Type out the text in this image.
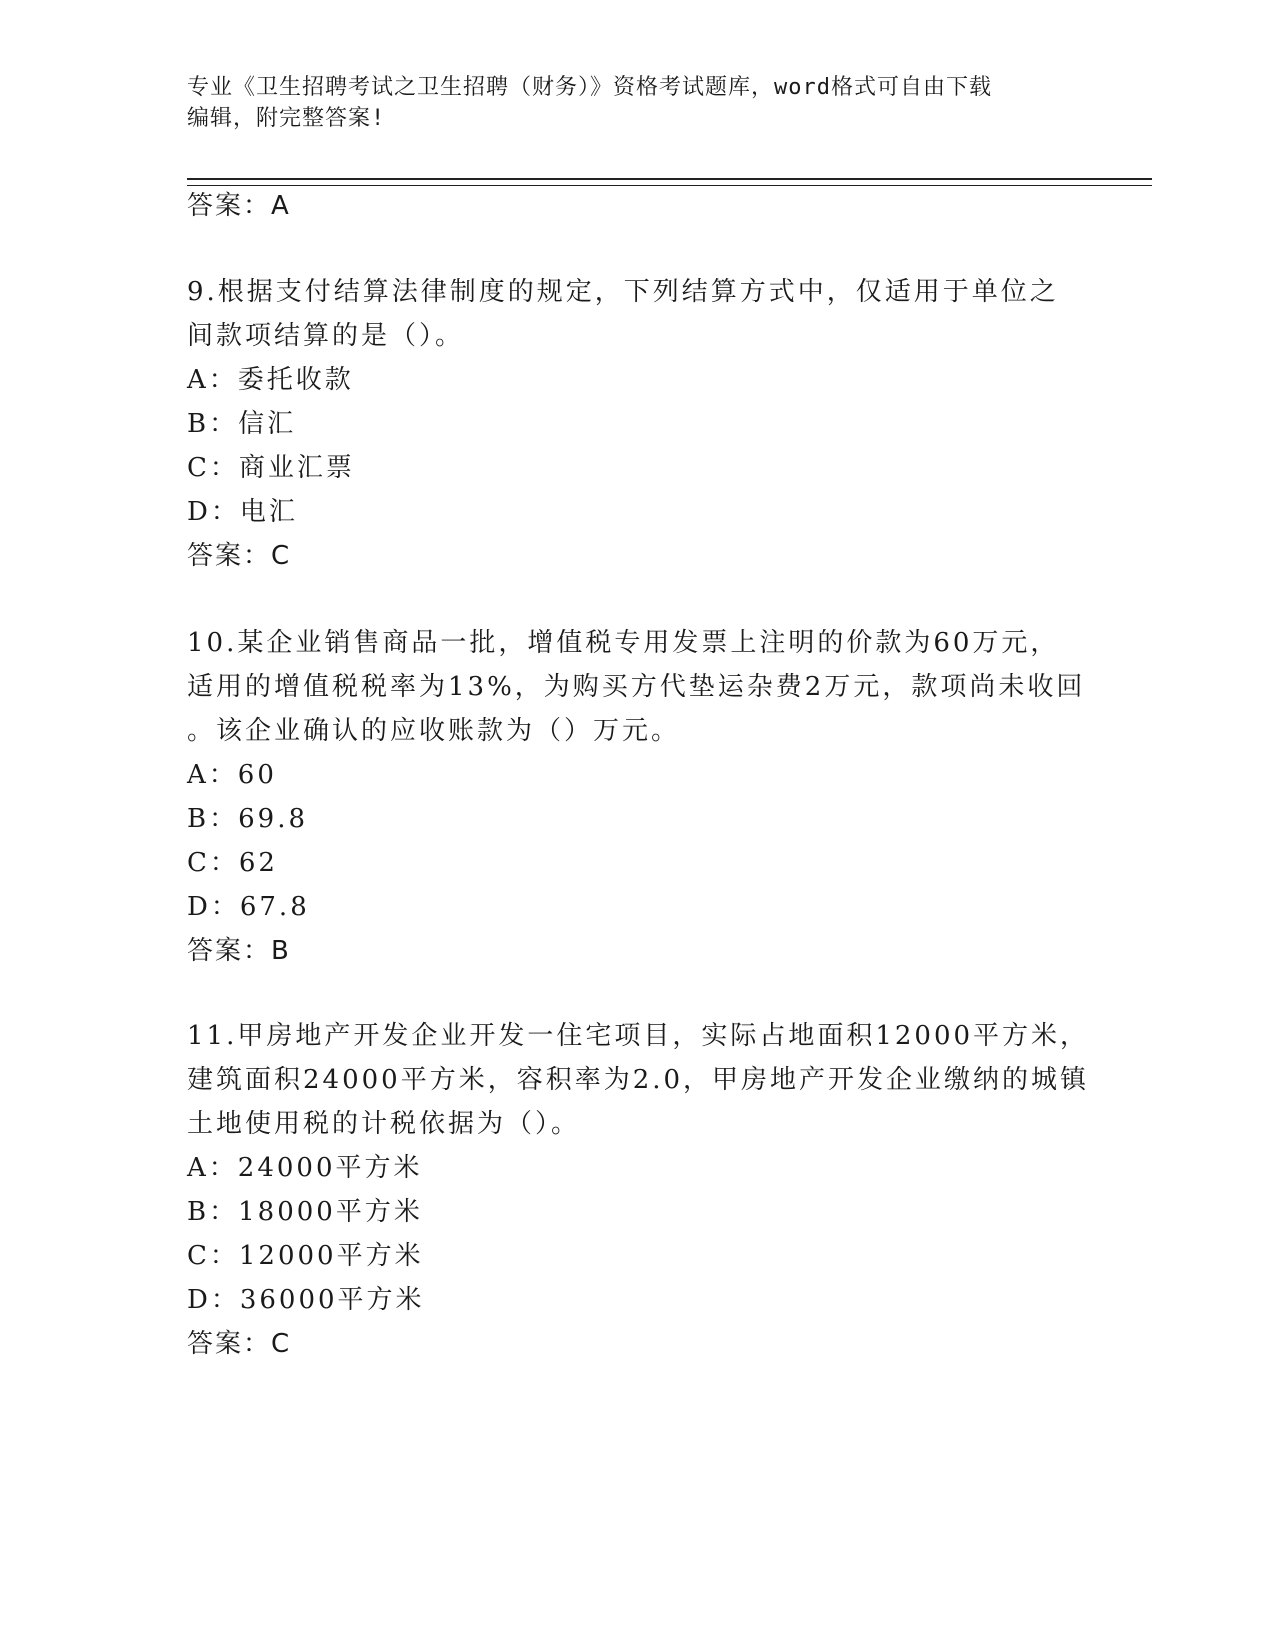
专业《卫生招聘考试之卫生招聘（财务）》资格考试题库，word格式可自由下载

编辑，附完整答案!

答案：A
9.根据支付结算法律制度的规定，下列结算方式中，仅适用于单位之
间款项结算的是（）。
A：委托收款
B：信汇
C：商业汇票
D：电汇
答案：C
10.某企业销售商品一批，增值税专用发票上注明的价款为60万元，
适用的增值税税率为13%，为购买方代垫运杂费2万元，款项尚未收回
。该企业确认的应收账款为（）万元。
A：60
B：69.8
C：62
D：67.8
答案：B
11.甲房地产开发企业开发一住宅项目，实际占地面积12000平方米，
建筑面积24000平方米，容积率为2.0，甲房地产开发企业缴纳的城镇
土地使用税的计税依据为（）。
A：24000平方米
B：18000平方米
C：12000平方米
D：36000平方米
答案：C
